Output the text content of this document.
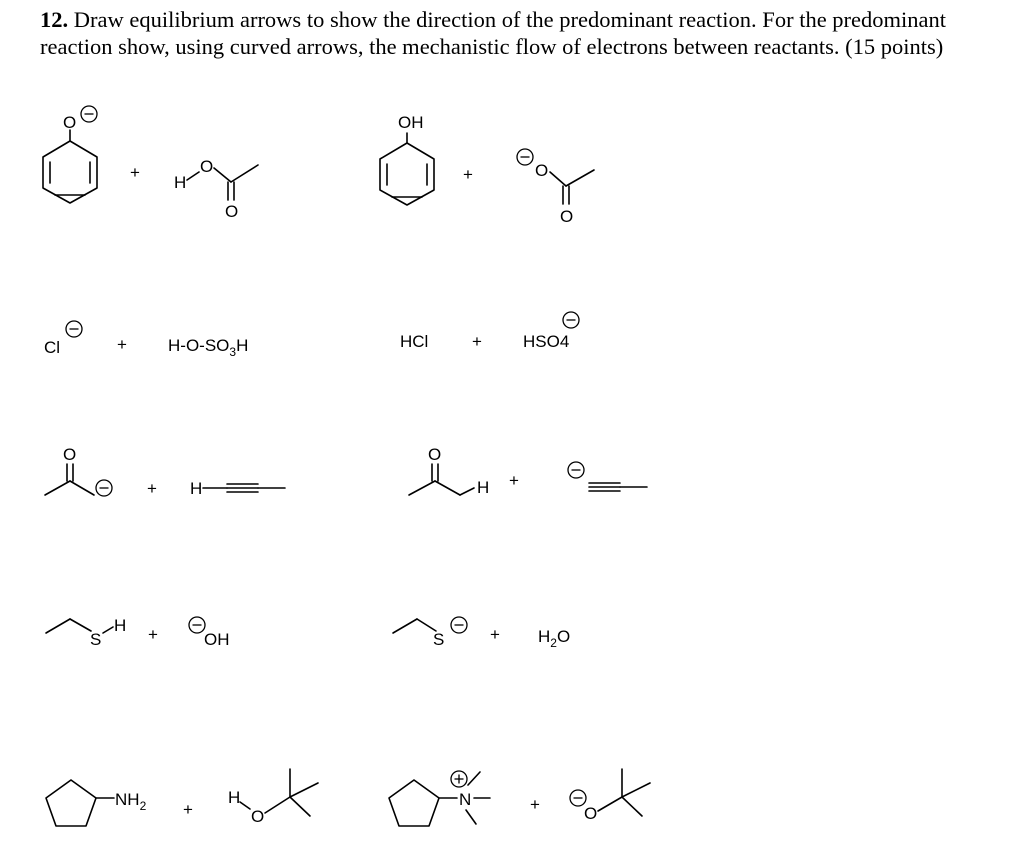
12. Draw equilibrium arrows to show the direction of the predominant reaction. For the predominant reaction show, using curved arrows, the mechanistic flow of electrons between reactants. (15 points)

O
+
H
O
O
OH
+	O
O
Cl	+ $H-O-SO_3H$	HCl	+ HSO4
O
+ H
O
H +
S
H +	OH	S	+ $H_2O$
$NH_2$ +
H
O
N	+	O
